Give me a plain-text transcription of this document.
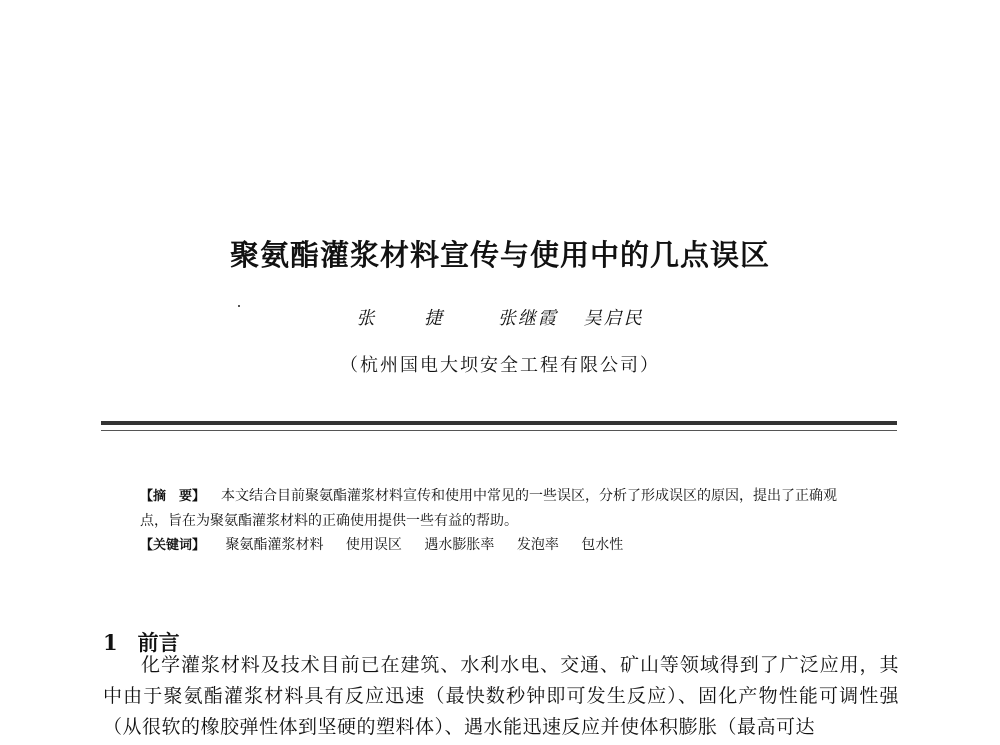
聚氨酯灌浆材料宣传与使用中的几点误区
张 捷 张继霞 吴启民
（杭州国电大坝安全工程有限公司）

【摘　要】 本文结合目前聚氨酯灌浆材料宣传和使用中常见的一些误区，分析了形成误区的原因，提出了正确观点，旨在为聚氨酯灌浆材料的正确使用提供一些有益的帮助。

【关键词】 聚氨酯灌浆材料 使用误区 遇水膨胀率 发泡率 包水性

1 前言

化学灌浆材料及技术目前已在建筑、水利水电、交通、矿山等领域得到了广泛应用，其中由于聚氨酯灌浆材料具有反应迅速（最快数秒钟即可发生反应）、固化产物性能可调性强（从很软的橡胶弹性体到坚硬的塑料体）、遇水能迅速反应并使体积膨胀（最高可达
